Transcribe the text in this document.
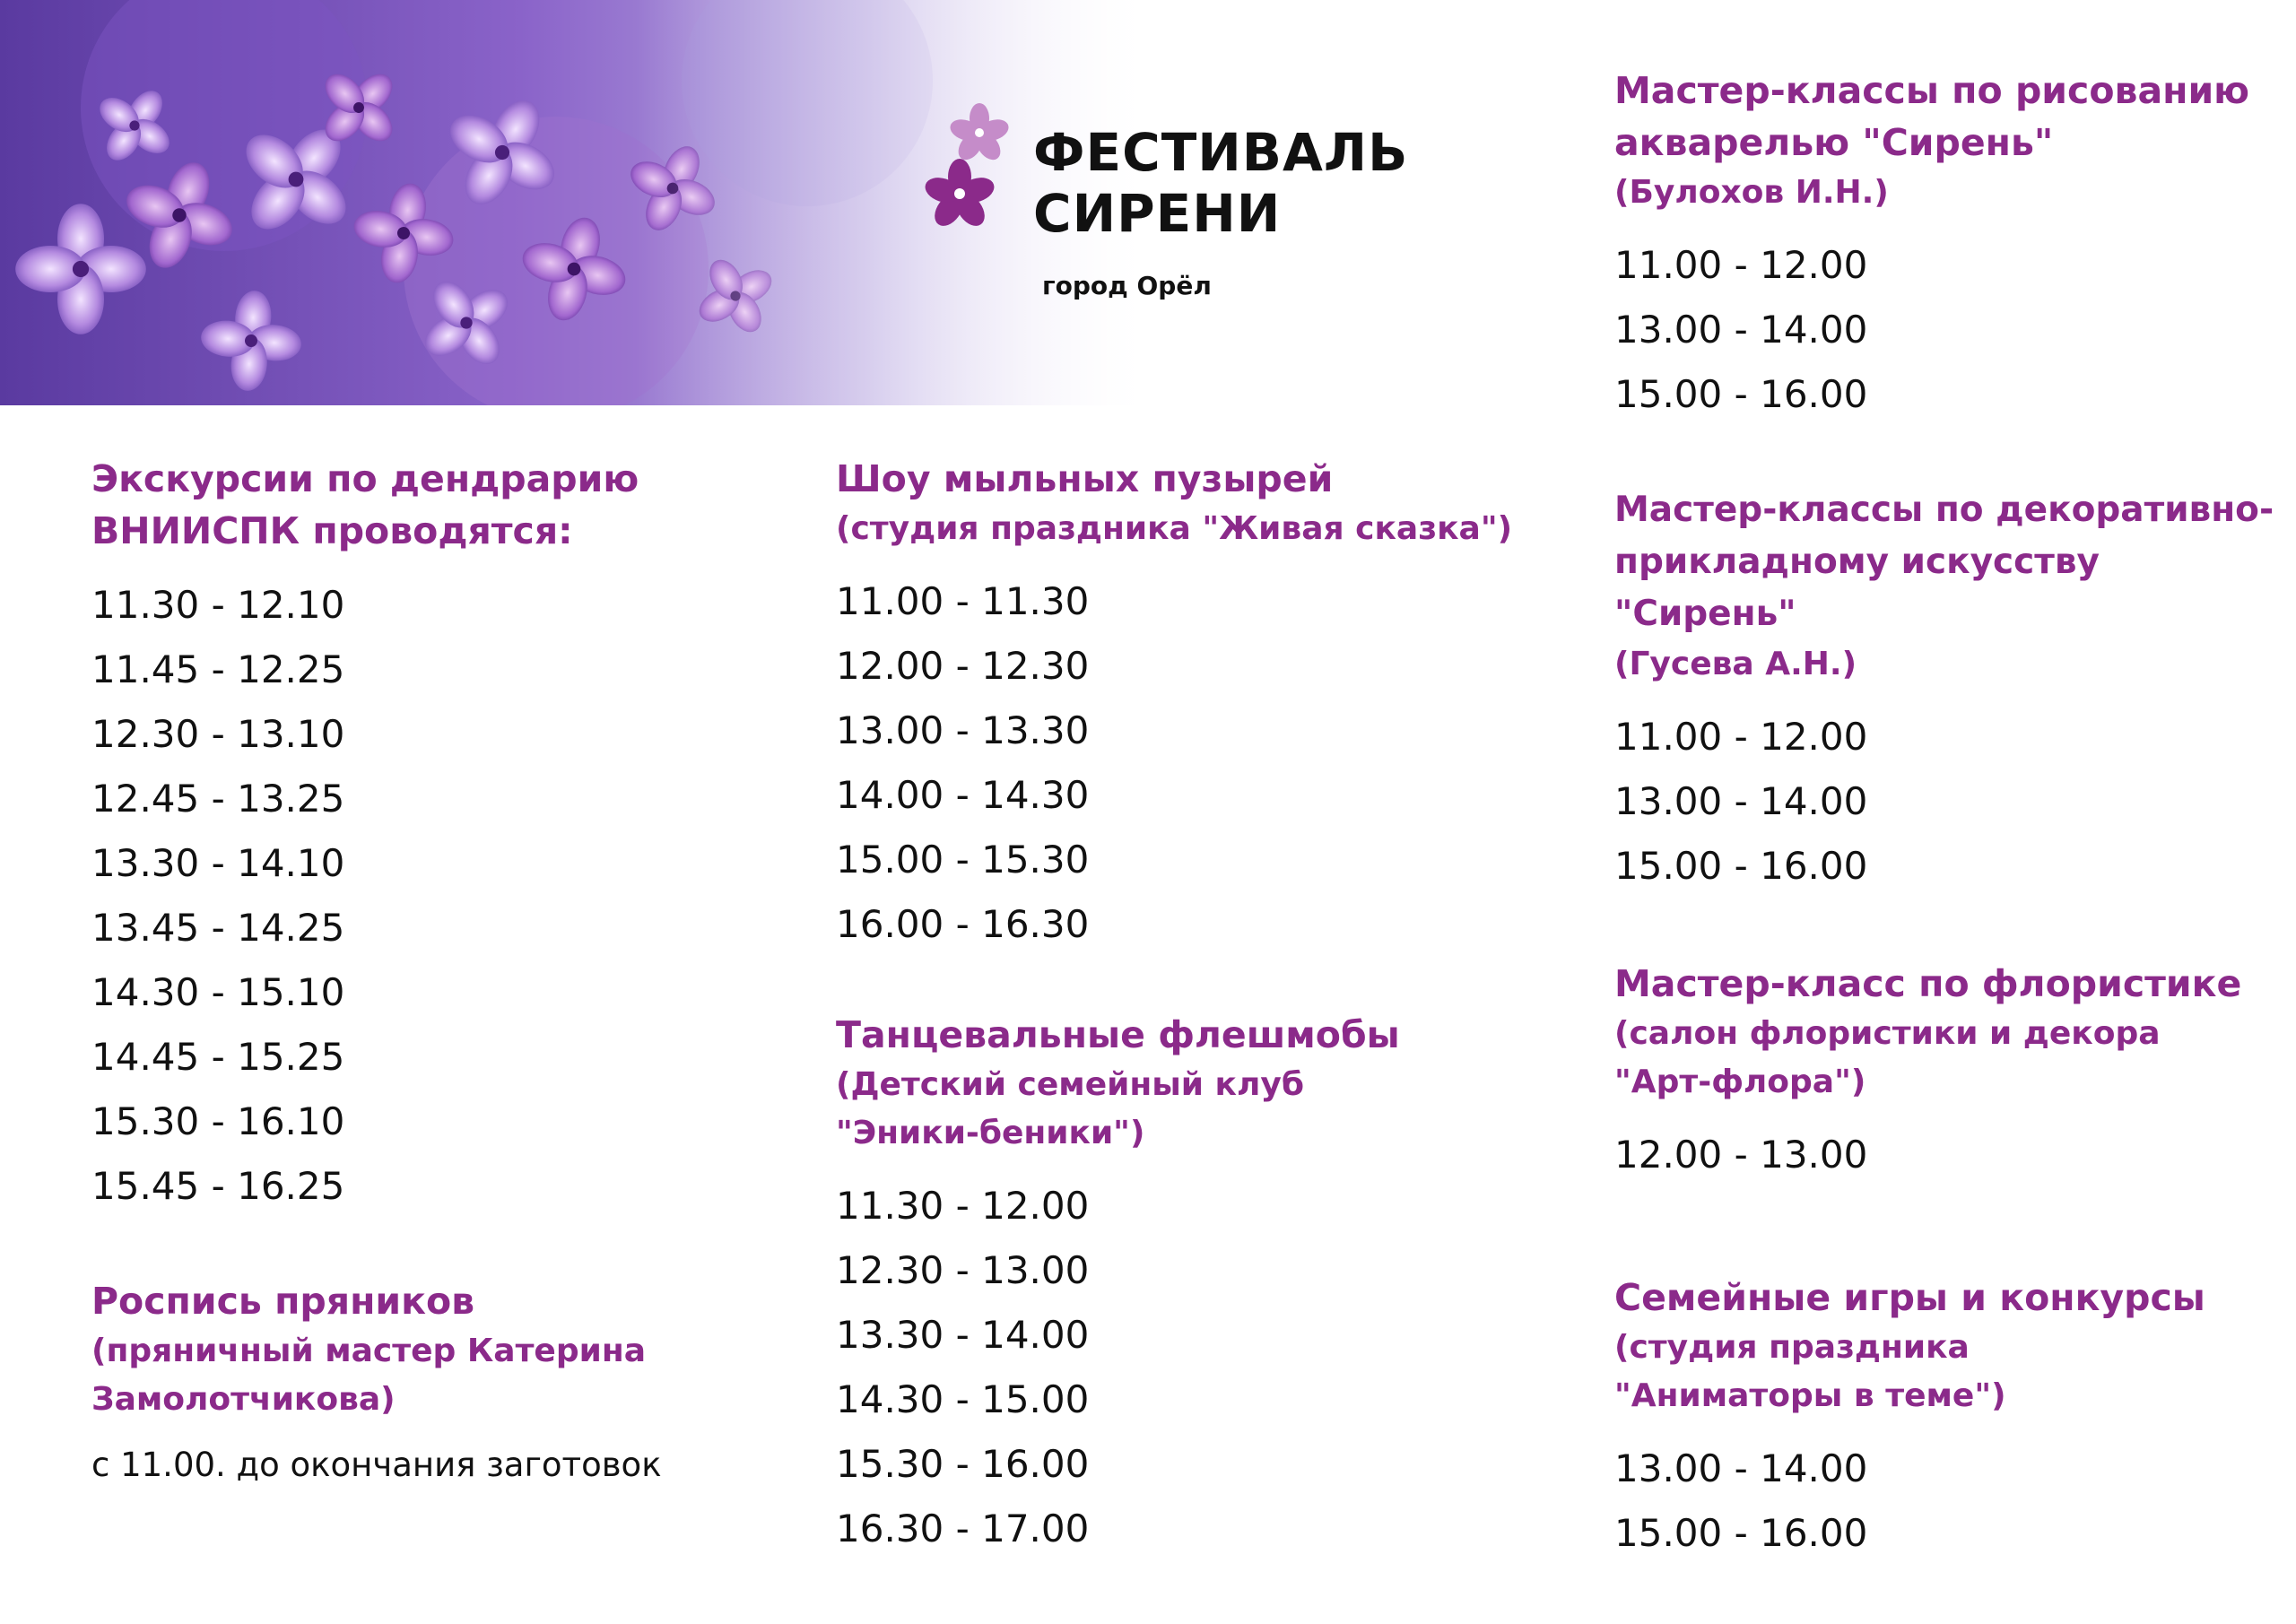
ФЕСТИВАЛЬ
СИРЕНИ
город Орёл
Экскурсии по дендрарию ВНИИСПК проводятся:
11.30 - 12.10
11.45 - 12.25
12.30 - 13.10
12.45 - 13.25
13.30 - 14.10
13.45 - 14.25
14.30 - 15.10
14.45 - 15.25
15.30 - 16.10
15.45 - 16.25
Роспись пряников
(пряничный мастер Катерина Замолотчикова)
с 11.00. до окончания заготовок
Шоу мыльных пузырей
(студия праздника "Живая сказка")
11.00 - 11.30
12.00 - 12.30
13.00 - 13.30
14.00 - 14.30
15.00 - 15.30
16.00 - 16.30
Танцевальные флешмобы
(Детский семейный клуб "Эники-беники")
11.30 - 12.00
12.30 - 13.00
13.30 - 14.00
14.30 - 15.00
15.30 - 16.00
16.30 - 17.00
Мастер-классы по рисованию акварелью "Сирень"
(Булохов И.Н.)
11.00 - 12.00
13.00 - 14.00
15.00 - 16.00
Мастер-классы по декоративно-прикладному искусству "Сирень"
(Гусева А.Н.)
11.00 - 12.00
13.00 - 14.00
15.00 - 16.00
Мастер-класс по флористике
(салон флористики и декора "Арт-флора")
12.00 - 13.00
Семейные игры и конкурсы
(студия праздника "Аниматоры в теме")
13.00 - 14.00
15.00 - 16.00
